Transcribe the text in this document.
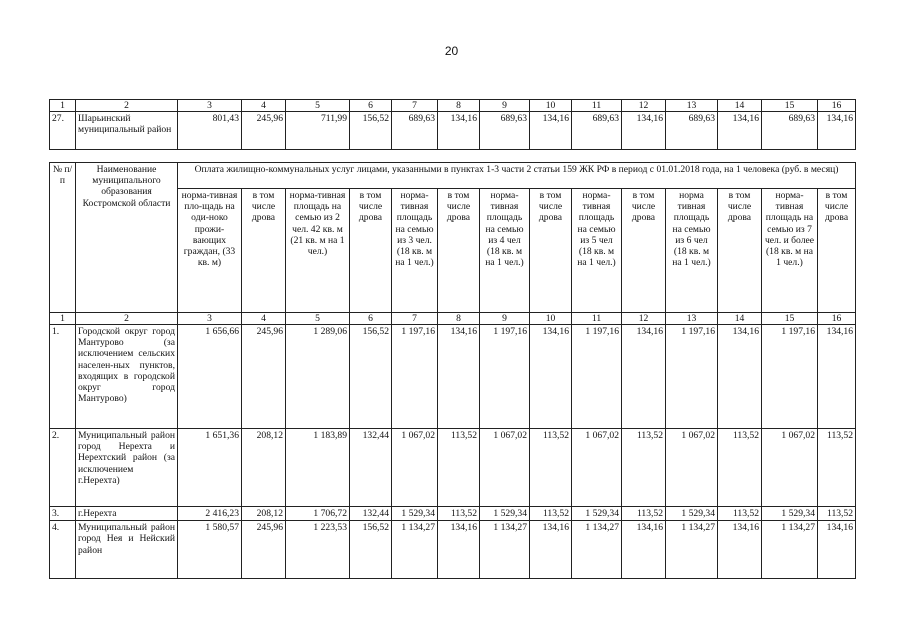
20
1	2	3	4	5	6	7	8	9	10	11	12	13	14	15	16
27.	Шарьинский муниципальный район	801,43	245,96	711,99	156,52	689,63	134,16	689,63	134,16	689,63	134,16	689,63	134,16	689,63	134,16
№ п/п	Наименование муниципального образования Костромской области	Оплата жилищно-коммунальных услуг лицами, указанными в пунктах 1-3 части 2 статьи 159 ЖК РФ в период с 01.01.2018 года, на 1 человека (руб. в месяц)													
		норма-тивная пло-щадь на оди-ноко прожи-вающих граждан, (33 кв. м)	в том числе дрова	норма-тивная площадь на семью из 2 чел. 42 кв. м (21 кв. м на 1 чел.)	в том числе дрова	норма-тивная площадь на семью из 3 чел. (18 кв. м на 1 чел.)	в том числе дрова	норма-тивная площадь на семью из 4 чел (18 кв. м на 1 чел.)	в том числе дрова	норма-тивная площадь на семью из 5 чел (18 кв. м на 1 чел.)	в том числе дрова	норма тивная площадь на семью из 6 чел (18 кв. м на 1 чел.)	в том числе дрова	норма-тивная площадь на семью из 7 чел. и более (18 кв. м на 1 чел.)	в том числе дрова
1	2	3	4	5	6	7	8	9	10	11	12	13	14	15	16
1.	Городской округ город Мантурово (за исключением сельских населен-ных пунктов, входящих в городской округ город Мантурово)	1 656,66	245,96	1 289,06	156,52	1 197,16	134,16	1 197,16	134,16	1 197,16	134,16	1 197,16	134,16	1 197,16	134,16
2.	Муниципальный район город Нерехта и Нерехтский район (за исключением г.Нерехта)	1 651,36	208,12	1 183,89	132,44	1 067,02	113,52	1 067,02	113,52	1 067,02	113,52	1 067,02	113,52	1 067,02	113,52
3.	г.Нерехта	2 416,23	208,12	1 706,72	132,44	1 529,34	113,52	1 529,34	113,52	1 529,34	113,52	1 529,34	113,52	1 529,34	113,52
4.	Муниципальный район город Нея и Нейский район	1 580,57	245,96	1 223,53	156,52	1 134,27	134,16	1 134,27	134,16	1 134,27	134,16	1 134,27	134,16	1 134,27	134,16
